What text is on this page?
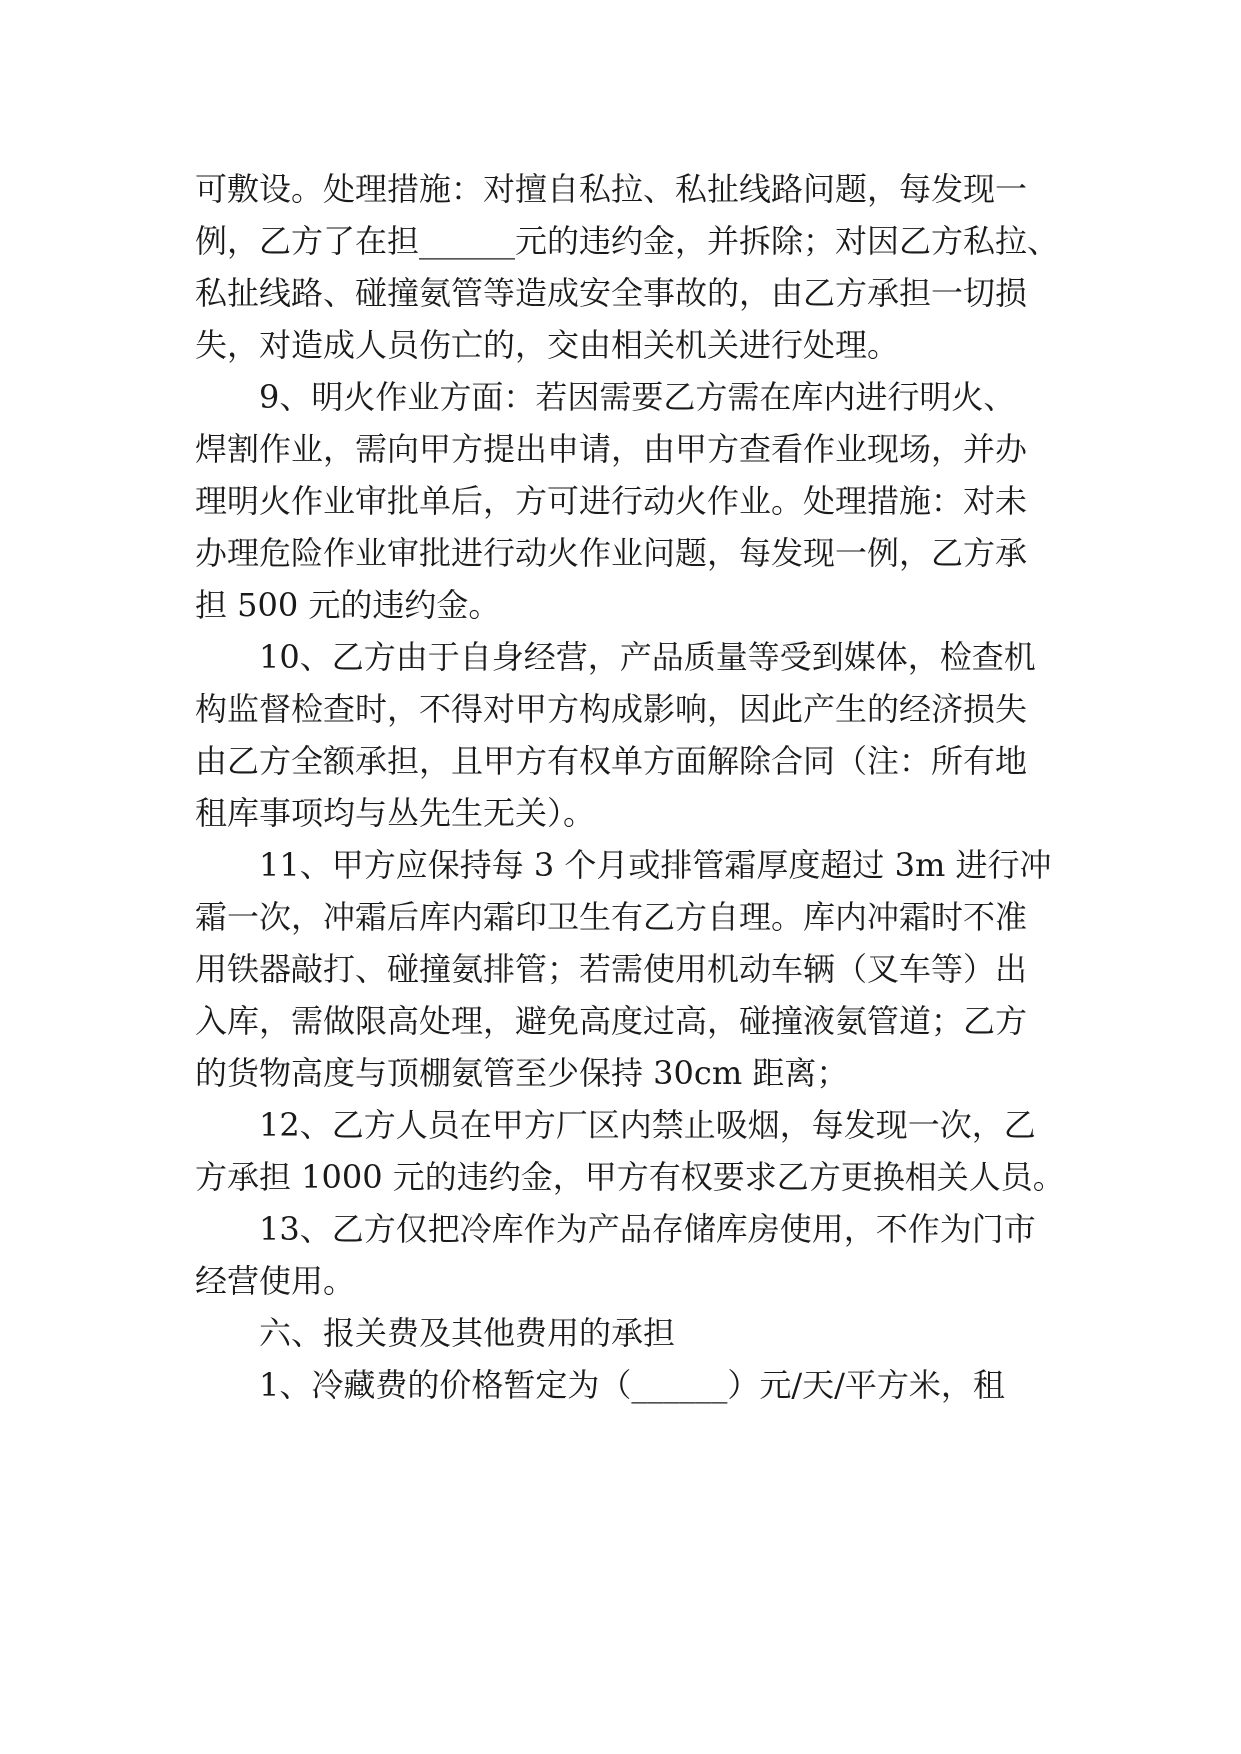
可敷设。处理措施：对擅自私拉、私扯线路问题，每发现一
例，乙方了在担______元的违约金，并拆除；对因乙方私拉、
私扯线路、碰撞氨管等造成安全事故的，由乙方承担一切损
失，对造成人员伤亡的，交由相关机关进行处理。
9、明火作业方面：若因需要乙方需在库内进行明火、
焊割作业，需向甲方提出申请，由甲方查看作业现场，并办
理明火作业审批单后，方可进行动火作业。处理措施：对未
办理危险作业审批进行动火作业问题，每发现一例，乙方承
担 500 元的违约金。
10、乙方由于自身经营，产品质量等受到媒体，检查机
构监督检查时，不得对甲方构成影响，因此产生的经济损失
由乙方全额承担，且甲方有权单方面解除合同（注：所有地
租库事项均与丛先生无关）。
11、甲方应保持每 3 个月或排管霜厚度超过 3m 进行冲
霜一次，冲霜后库内霜印卫生有乙方自理。库内冲霜时不准
用铁器敲打、碰撞氨排管；若需使用机动车辆（叉车等）出
入库，需做限高处理，避免高度过高，碰撞液氨管道；乙方
的货物高度与顶棚氨管至少保持 30cm 距离；
12、乙方人员在甲方厂区内禁止吸烟，每发现一次，乙
方承担 1000 元的违约金，甲方有权要求乙方更换相关人员。
13、乙方仅把冷库作为产品存储库房使用，不作为门市
经营使用。
六、报关费及其他费用的承担
1、冷藏费的价格暂定为（______）元/天/平方米，租
